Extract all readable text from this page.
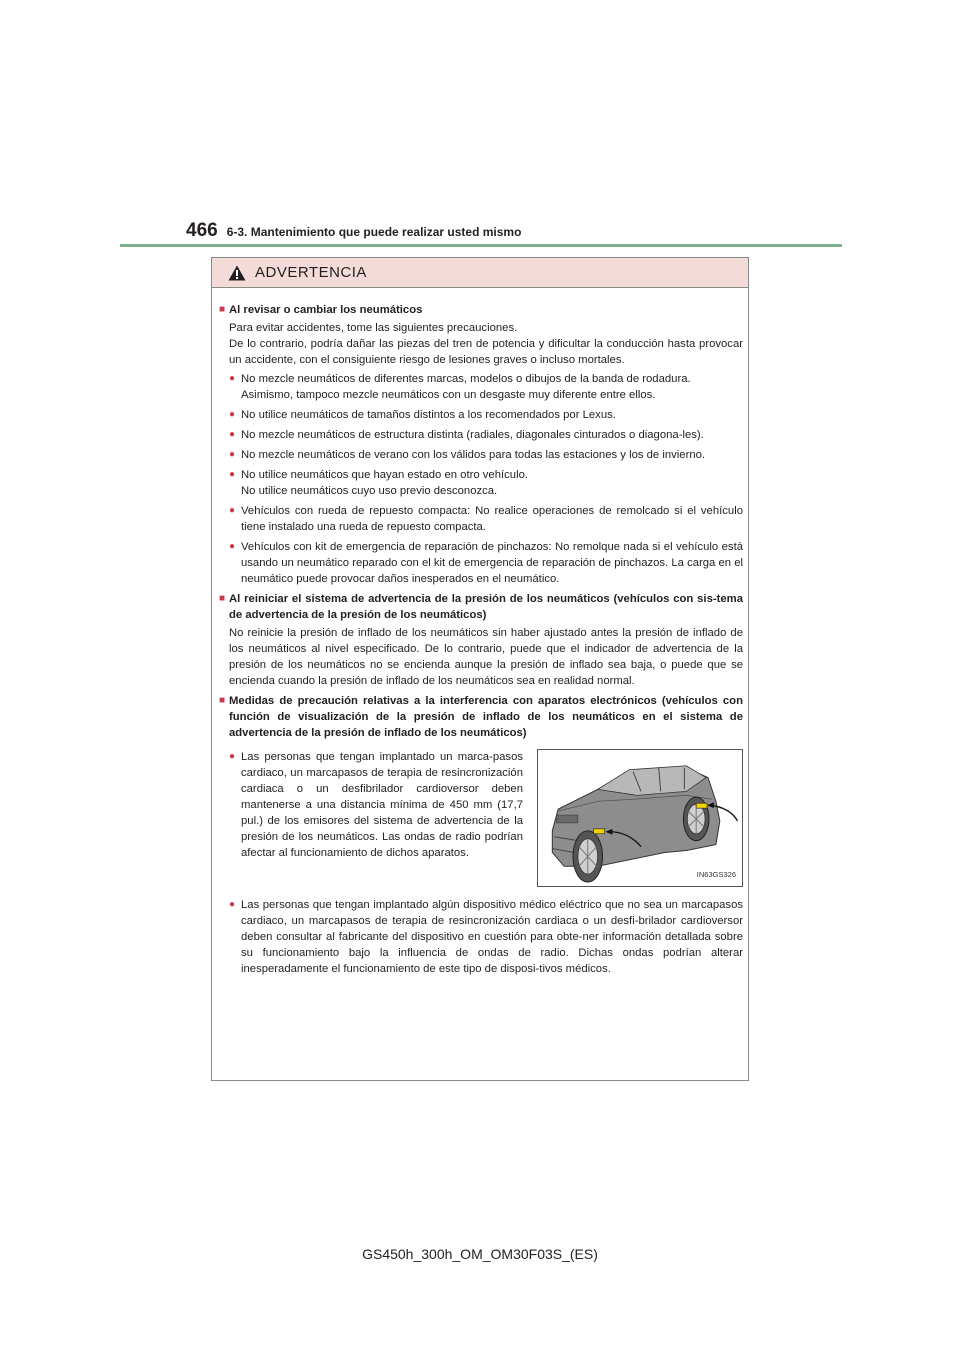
466 6-3. Mantenimiento que puede realizar usted mismo
ADVERTENCIA
■ Al revisar o cambiar los neumáticos
Para evitar accidentes, tome las siguientes precauciones.
De lo contrario, podría dañar las piezas del tren de potencia y dificultar la conducción hasta provocar un accidente, con el consiguiente riesgo de lesiones graves o incluso mortales.
● No mezcle neumáticos de diferentes marcas, modelos o dibujos de la banda de rodadura.
Asimismo, tampoco mezcle neumáticos con un desgaste muy diferente entre ellos.
● No utilice neumáticos de tamaños distintos a los recomendados por Lexus.
● No mezcle neumáticos de estructura distinta (radiales, diagonales cinturados o diagona-les).
● No mezcle neumáticos de verano con los válidos para todas las estaciones y los de invierno.
● No utilice neumáticos que hayan estado en otro vehículo.
No utilice neumáticos cuyo uso previo desconozca.
● Vehículos con rueda de repuesto compacta: No realice operaciones de remolcado si el vehículo tiene instalado una rueda de repuesto compacta.
● Vehículos con kit de emergencia de reparación de pinchazos: No remolque nada si el vehículo está usando un neumático reparado con el kit de emergencia de reparación de pinchazos. La carga en el neumático puede provocar daños inesperados en el neumático.
■ Al reiniciar el sistema de advertencia de la presión de los neumáticos (vehículos con sis-tema de advertencia de la presión de los neumáticos)
No reinicie la presión de inflado de los neumáticos sin haber ajustado antes la presión de inflado de los neumáticos al nivel especificado. De lo contrario, puede que el indicador de advertencia de la presión de los neumáticos no se encienda aunque la presión de inflado sea baja, o puede que se encienda cuando la presión de inflado de los neumáticos sea en realidad normal.
■ Medidas de precaución relativas a la interferencia con aparatos electrónicos (vehículos con función de visualización de la presión de inflado de los neumáticos en el sistema de advertencia de la presión de inflado de los neumáticos)
● Las personas que tengan implantado un marca-pasos cardiaco, un marcapasos de terapia de resincronización cardiaca o un desfibrilador cardioversor deben mantenerse a una distancia mínima de 450 mm (17,7 pul.) de los emisores del sistema de advertencia de la presión de los neumáticos. Las ondas de radio podrían afectar al funcionamiento de dichos aparatos.
IN63GS326
● Las personas que tengan implantado algún dispositivo médico eléctrico que no sea un marcapasos cardiaco, un marcapasos de terapia de resincronización cardiaca o un desfi-brilador cardioversor deben consultar al fabricante del dispositivo en cuestión para obte-ner información detallada sobre su funcionamiento bajo la influencia de ondas de radio. Dichas ondas podrían alterar inesperadamente el funcionamiento de este tipo de disposi-tivos médicos.
GS450h_300h_OM_OM30F03S_(ES)
